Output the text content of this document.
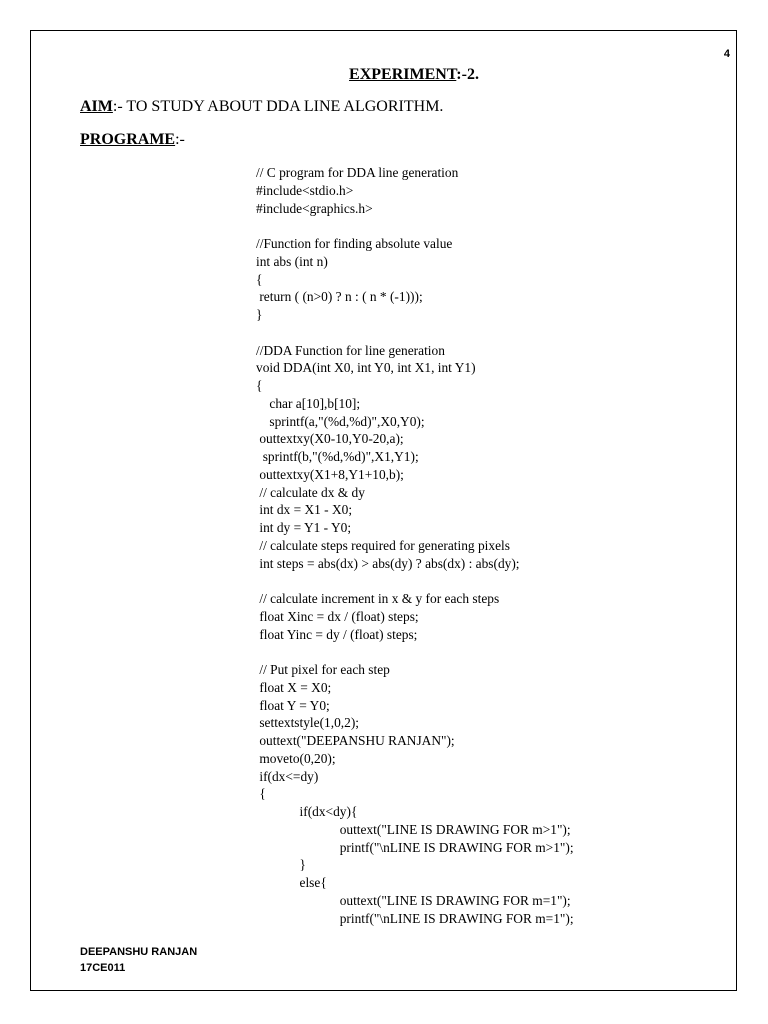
4
EXPERIMENT:-2.
AIM:- TO STUDY ABOUT DDA LINE ALGORITHM.
PROGRAME:-
// C program for DDA line generation
#include<stdio.h>
#include<graphics.h>
//Function for finding absolute value
int abs (int n)
{
return ( (n>0) ? n : ( n * (-1)));
}
//DDA Function for line generation
void DDA(int X0, int Y0, int X1, int Y1)
{
char a[10],b[10];
sprintf(a,"(%d,%d)",X0,Y0);
outtextxy(X0-10,Y0-20,a);
sprintf(b,"(%d,%d)",X1,Y1);
outtextxy(X1+8,Y1+10,b);
// calculate dx & dy
int dx = X1 - X0;
int dy = Y1 - Y0;
// calculate steps required for generating pixels
int steps = abs(dx) > abs(dy) ? abs(dx) : abs(dy);
// calculate increment in x & y for each steps
float Xinc = dx / (float) steps;
float Yinc = dy / (float) steps;
// Put pixel for each step
float X = X0;
float Y = Y0;
settextstyle(1,0,2);
outtext("DEEPANSHU RANJAN");
moveto(0,20);
if(dx<=dy)
{
if(dx<dy){
outtext("LINE IS DRAWING FOR m>1");
printf("\nLINE IS DRAWING FOR m>1");
}
else{
outtext("LINE IS DRAWING FOR m=1");
printf("\nLINE IS DRAWING FOR m=1");
DEEPANSHU RANJAN
17CE011
